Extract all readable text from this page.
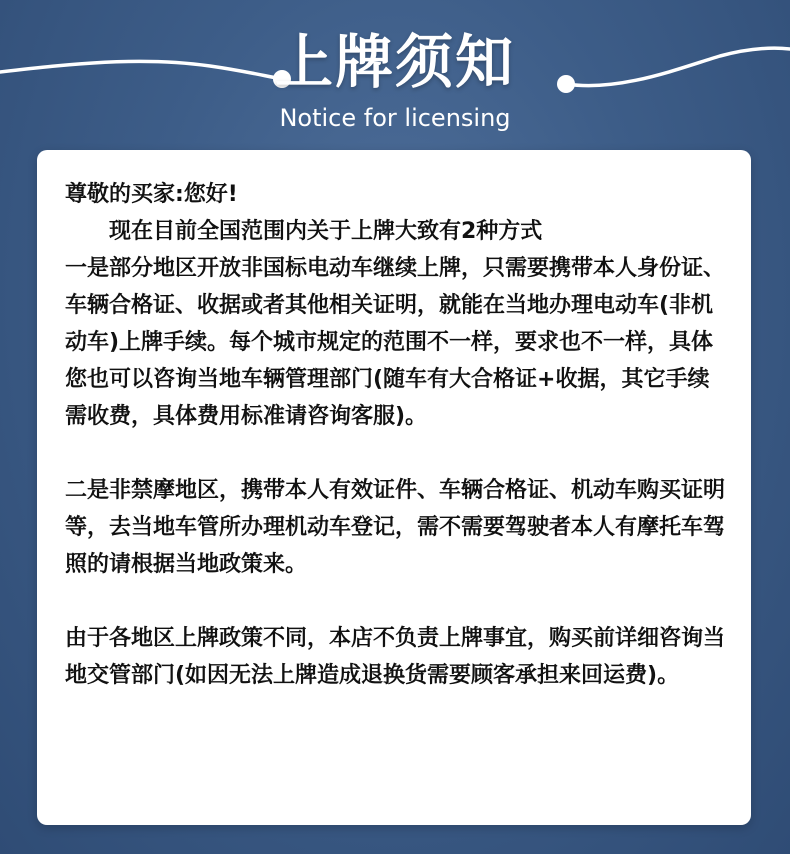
上牌须知
Notice for licensing

尊敬的买家:您好!

现在目前全国范围内关于上牌大致有2种方式

一是部分地区开放非国标电动车继续上牌，只需要携带本人身份证、车辆合格证、收据或者其他相关证明，就能在当地办理电动车(非机动车)上牌手续。每个城市规定的范围不一样，要求也不一样，具体您也可以咨询当地车辆管理部门(随车有大合格证+收据，其它手续需收费，具体费用标准请咨询客服)。

二是非禁摩地区，携带本人有效证件、车辆合格证、机动车购买证明等，去当地车管所办理机动车登记，需不需要驾驶者本人有摩托车驾照的请根据当地政策来。

由于各地区上牌政策不同，本店不负责上牌事宜，购买前详细咨询当地交管部门(如因无法上牌造成退换货需要顾客承担来回运费)。
